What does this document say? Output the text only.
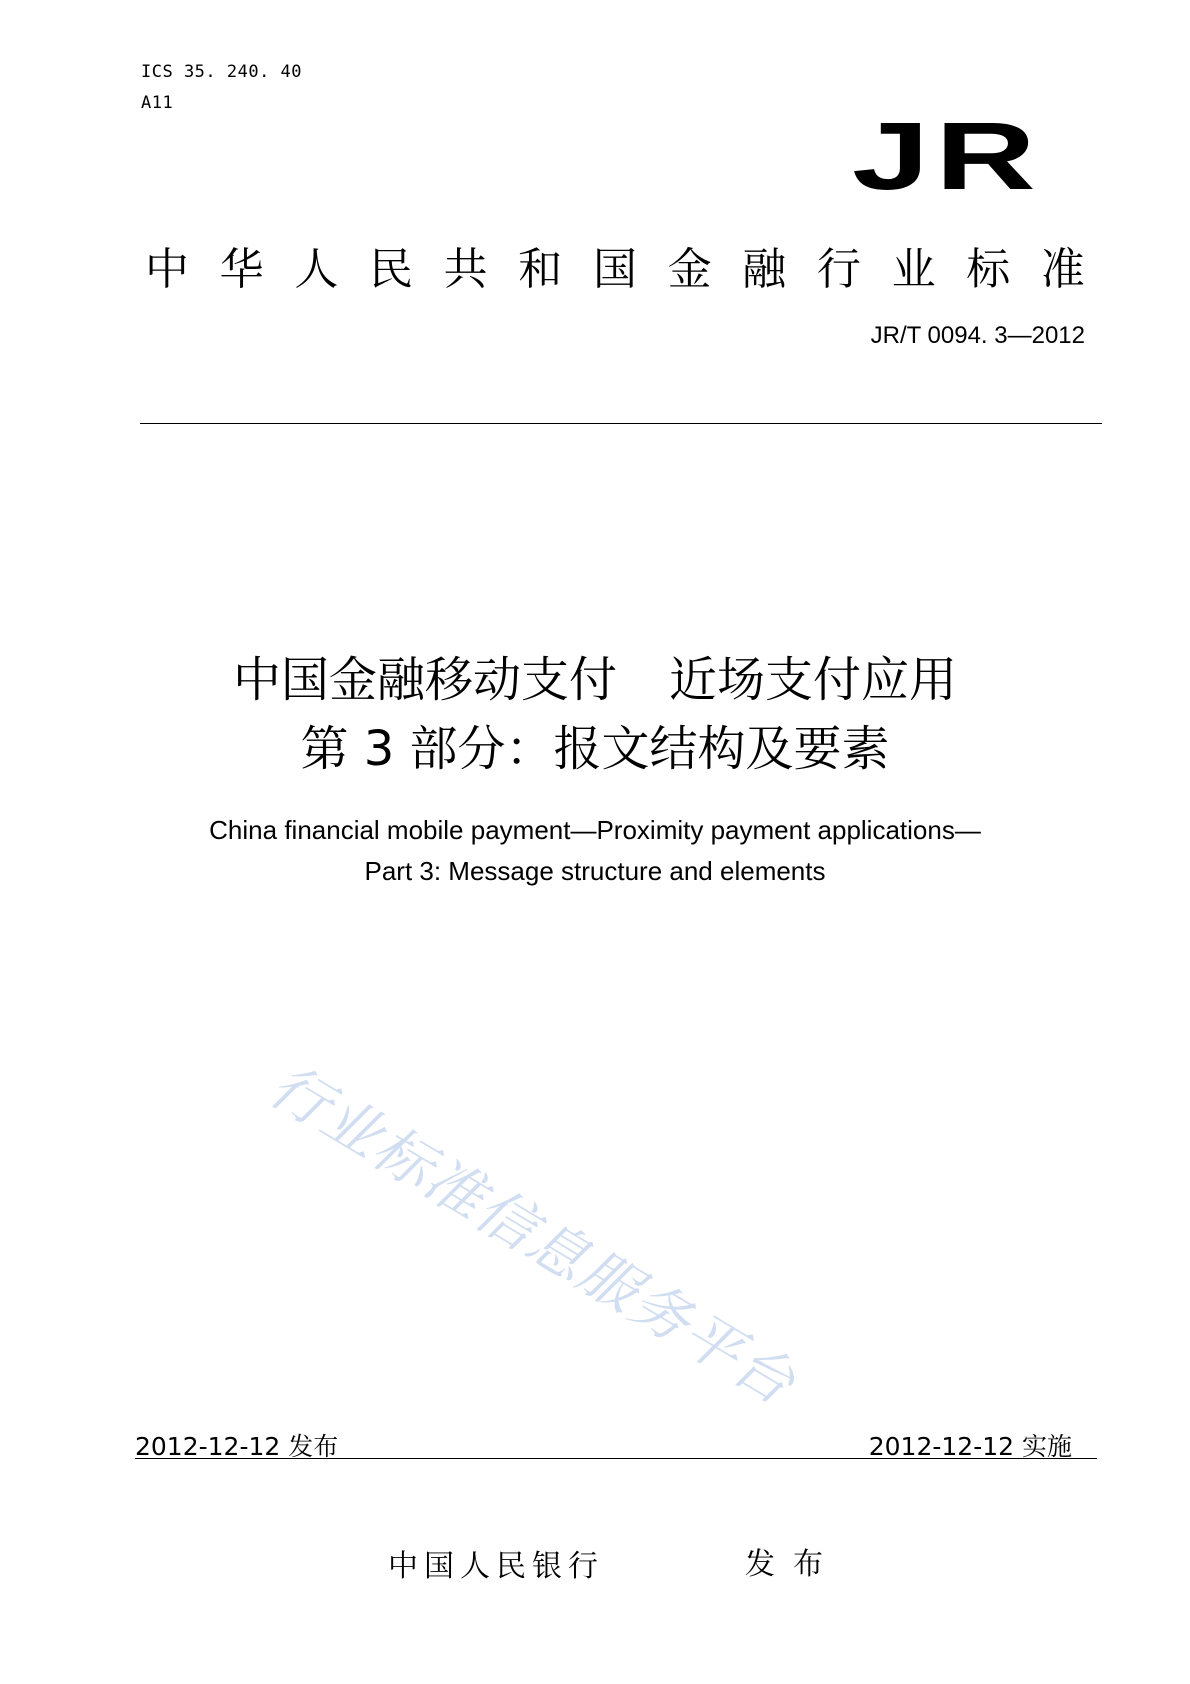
ICS 35. 240. 40
A11	JR
中 华 人 民 共 和 国 金 融 行 业 标 准
JR/T 0094. 3—2012
中国金融移动支付 近场支付应用
第 3 部分：报文结构及要素
China financial mobile payment—Proximity payment applications—
Part 3: Message structure and elements
行业标准信息服务平台
2012-12-12 发布	2012-12-12 实施
中国人民银行	发布
